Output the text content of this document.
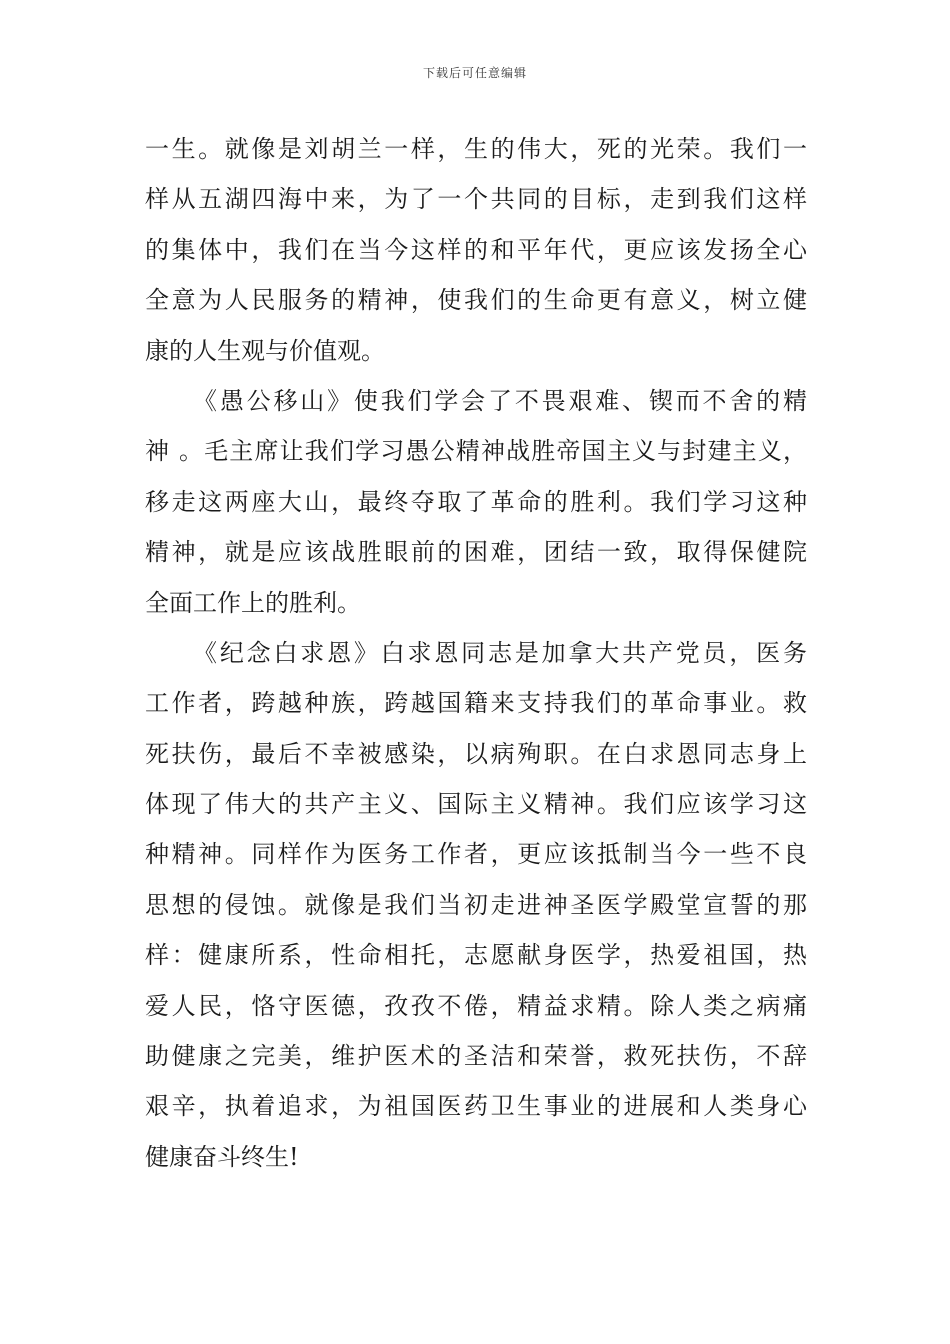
下载后可任意编辑
一生。就像是刘胡兰一样，生的伟大，死的光荣。我们一
样从五湖四海中来，为了一个共同的目标，走到我们这样
的集体中，我们在当今这样的和平年代，更应该发扬全心
全意为人民服务的精神，使我们的生命更有意义，树立健
康的人生观与价值观。
《愚公移山》使我们学会了不畏艰难、锲而不舍的精
神 。毛主席让我们学习愚公精神战胜帝国主义与封建主义，
移走这两座大山，最终夺取了革命的胜利。我们学习这种
精神，就是应该战胜眼前的困难，团结一致，取得保健院
全面工作上的胜利。
《纪念白求恩》白求恩同志是加拿大共产党员，医务
工作者，跨越种族，跨越国籍来支持我们的革命事业。救
死扶伤，最后不幸被感染，以病殉职。在白求恩同志身上
体现了伟大的共产主义、国际主义精神。我们应该学习这
种精神。同样作为医务工作者，更应该抵制当今一些不良
思想的侵蚀。就像是我们当初走进神圣医学殿堂宣誓的那
样：健康所系，性命相托，志愿献身医学，热爱祖国，热
爱人民，恪守医德，孜孜不倦，精益求精。除人类之病痛
助健康之完美，维护医术的圣洁和荣誉，救死扶伤，不辞
艰辛，执着追求，为祖国医药卫生事业的进展和人类身心
健康奋斗终生!
